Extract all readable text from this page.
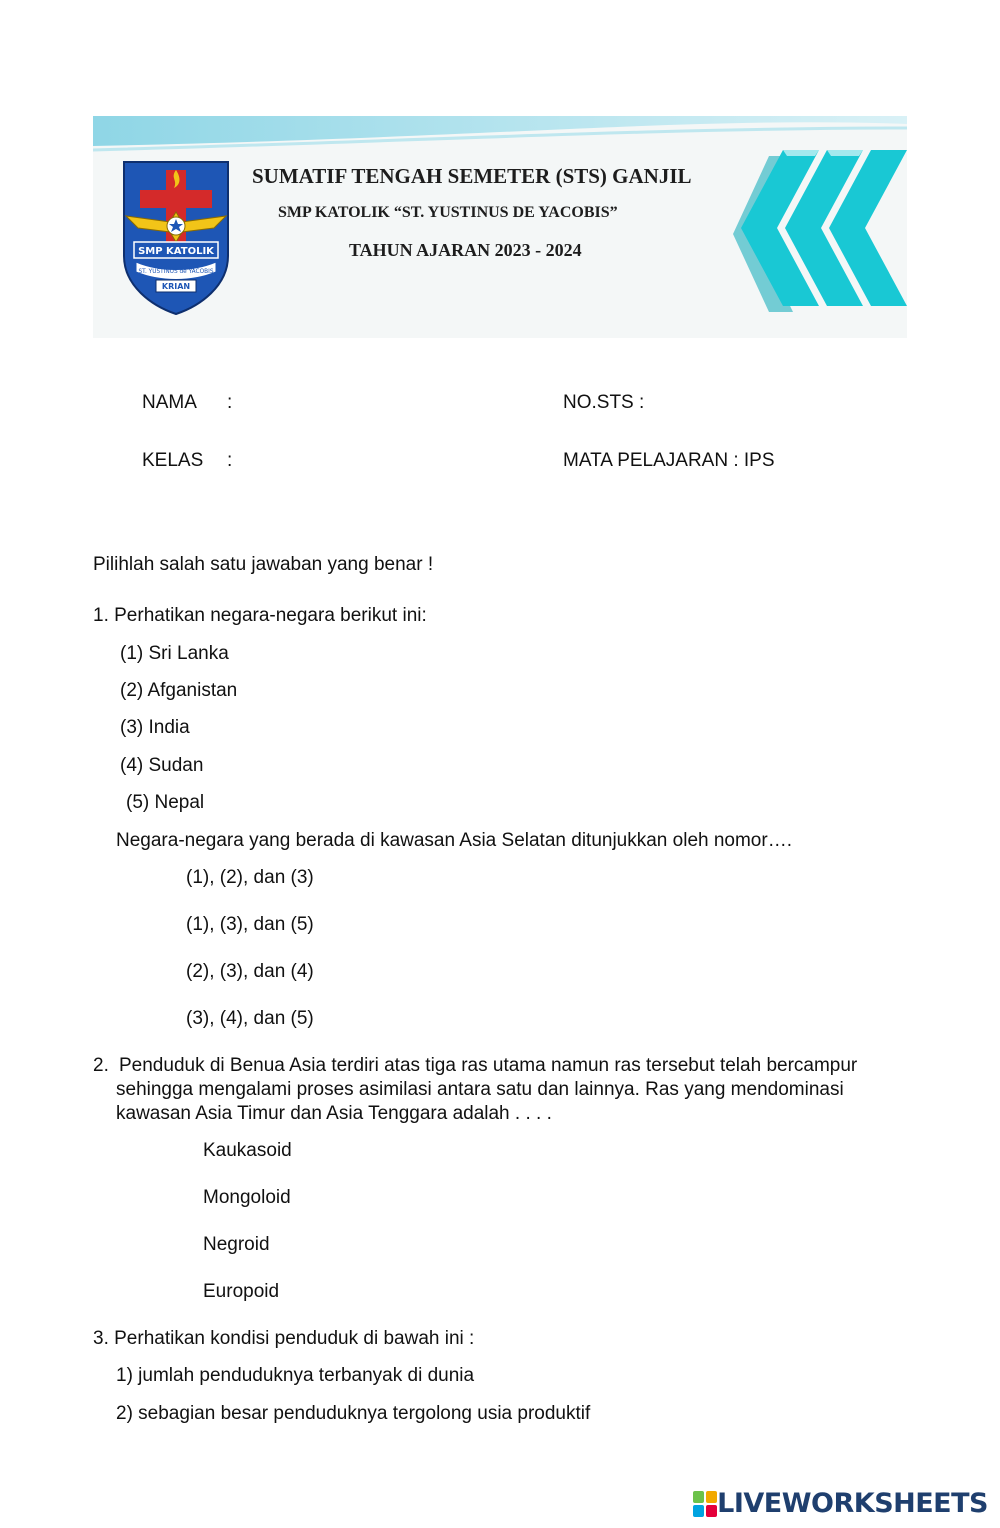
SMP KATOLIK
ST. YUSTINUS de YACOBIS
KRIAN
SUMATIF TENGAH SEMETER (STS) GANJIL
SMP KATOLIK “ST. YUSTINUS DE YACOBIS”
TAHUN AJARAN 2023 - 2024
NAMA :	NO.STS :
KELAS :	MATA PELAJARAN : IPS
Pilihlah salah satu jawaban yang benar !
1. Perhatikan negara-negara berikut ini:
(1) Sri Lanka
(2) Afganistan
(3) India
(4) Sudan
(5) Nepal
Negara-negara yang berada di kawasan Asia Selatan ditunjukkan oleh nomor….
(1), (2), dan (3)
(1), (3), dan (5)
(2), (3), dan (4)
(3), (4), dan (5)
2. Penduduk di Benua Asia terdiri atas tiga ras utama namun ras tersebut telah bercampur
sehingga mengalami proses asimilasi antara satu dan lainnya. Ras yang mendominasi
kawasan Asia Timur dan Asia Tenggara adalah . . . .
Kaukasoid
Mongoloid
Negroid
Europoid
3. Perhatikan kondisi penduduk di bawah ini :
1) jumlah penduduknya terbanyak di dunia
2) sebagian besar penduduknya tergolong usia produktif
LIVEWORKSHEETS
